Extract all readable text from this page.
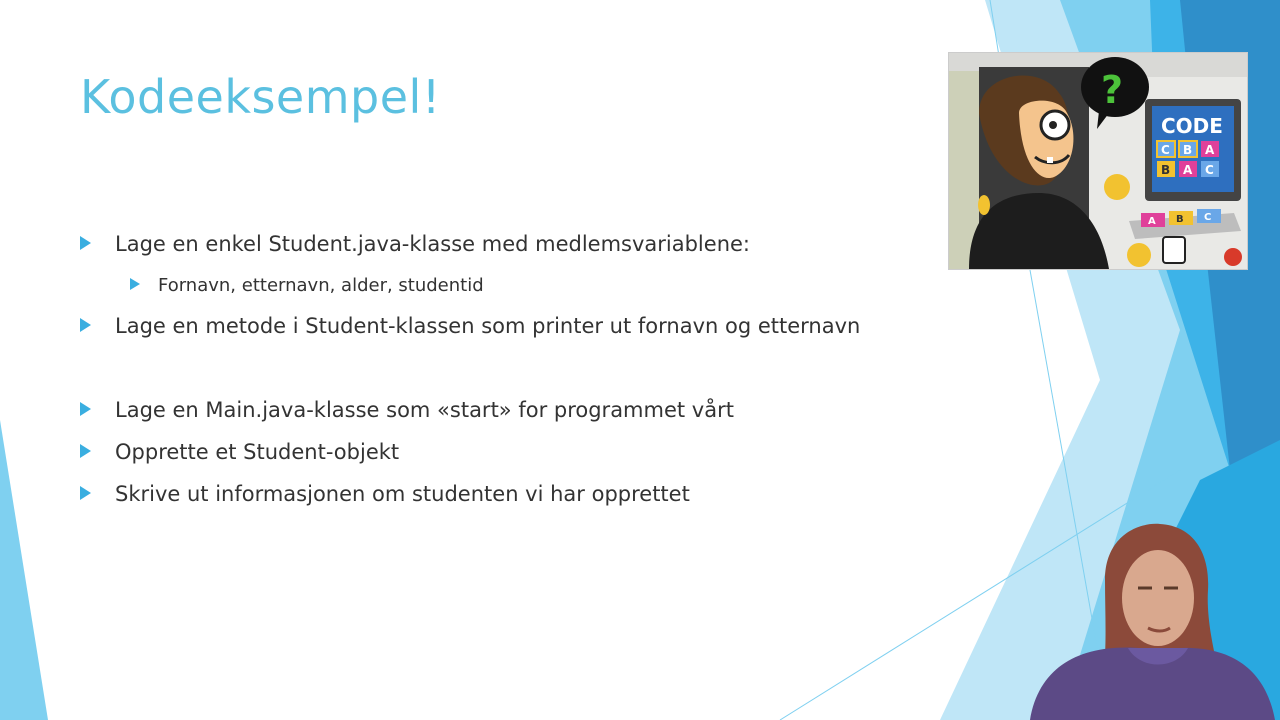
Kodeeksempel!
Lage en enkel Student.java-klasse med medlemsvariablene:
Fornavn, etternavn, alder, studentid
Lage en metode i Student-klassen som printer ut fornavn og etternavn
Lage en Main.java-klasse som «start» for programmet vårt
Opprette et Student-objekt
Skrive ut informasjonen om studenten vi har opprettet
CODE
C B A
B A C
A B C
?
